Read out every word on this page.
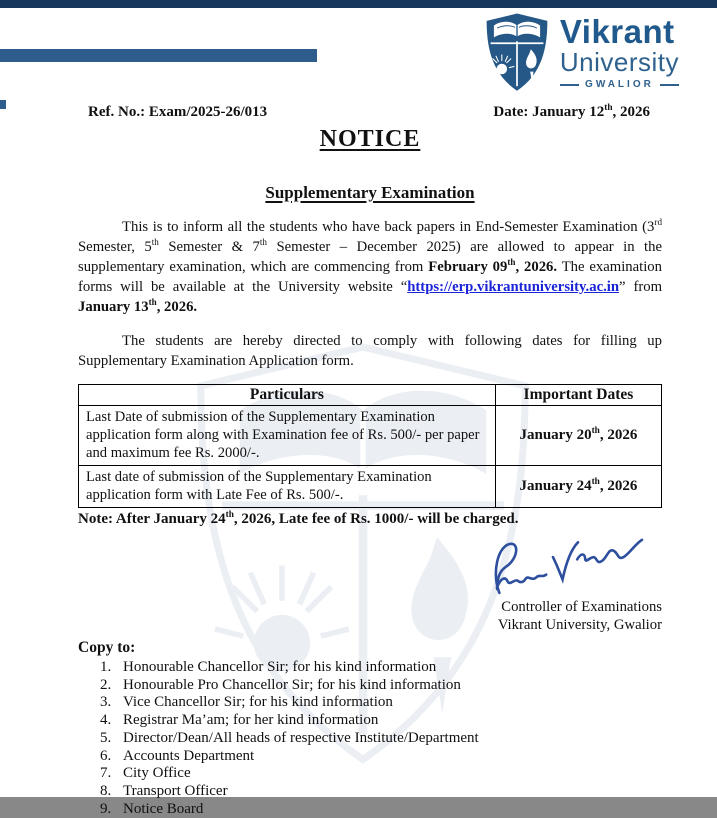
Vikrant
University
GWALIOR
Ref. No.: Exam/2025-26/013	Date: January 12th, 2026
NOTICE
Supplementary Examination

This is to inform all the students who have back papers in End-Semester Examination (3rd Semester, 5th Semester & 7th Semester – December 2025) are allowed to appear in the supplementary examination, which are commencing from February 09th, 2026. The examination forms will be available at the University website “https://erp.vikrantuniversity.ac.in” from January 13th, 2026.

The students are hereby directed to comply with following dates for filling up Supplementary Examination Application form.

Particulars	Important Dates
Last Date of submission of the Supplementary Examination application form along with Examination fee of Rs. 500/- per paper and maximum fee Rs. 2000/-.	January 20th, 2026
Last date of submission of the Supplementary Examination application form with Late Fee of Rs. 500/-.	January 24th, 2026

Note: After January 24th, 2026, Late fee of Rs. 1000/- will be charged.

Controller of Examinations
Vikrant University, Gwalior
Copy to:
Honourable Chancellor Sir; for his kind information
Honourable Pro Chancellor Sir; for his kind information
Vice Chancellor Sir; for his kind information
Registrar Ma’am; for her kind information
Director/Dean/All heads of respective Institute/Department
Accounts Department
City Office
Transport Officer
Notice Board
